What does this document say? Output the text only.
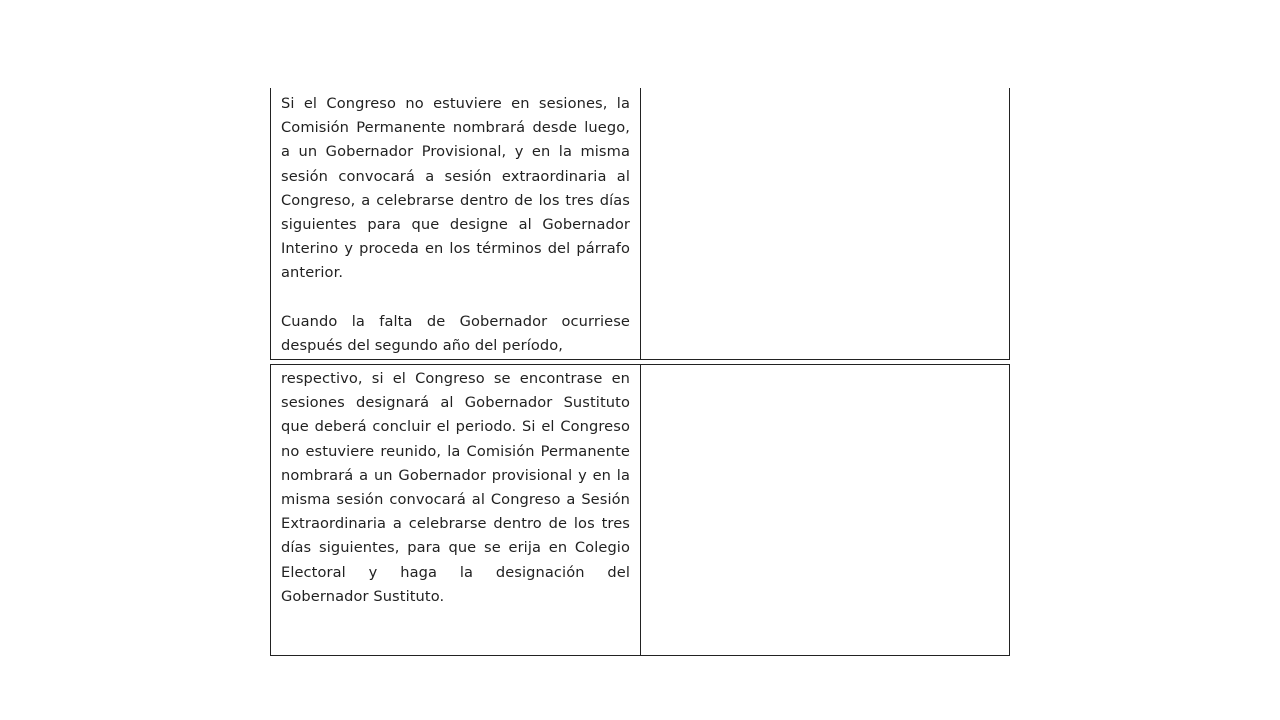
Si el Congreso no estuviere en sesiones, la Comisión Permanente nombrará desde luego, a un Gobernador Provisional, y en la misma sesión convocará a sesión extraordinaria al Congreso, a celebrarse dentro de los tres días siguientes para que designe al Gobernador Interino y proceda en los términos del párrafo anterior.

Cuando la falta de Gobernador ocurriese después del segundo año del período,

respectivo, si el Congreso se encontrase en sesiones designará al Gobernador Sustituto que deberá concluir el periodo. Si el Congreso no estuviere reunido, la Comisión Permanente nombrará a un Gobernador provisional y en la misma sesión convocará al Congreso a Sesión Extraordinaria a celebrarse dentro de los tres días siguientes, para que se erija en Colegio Electoral y haga la designación del Gobernador Sustituto.
